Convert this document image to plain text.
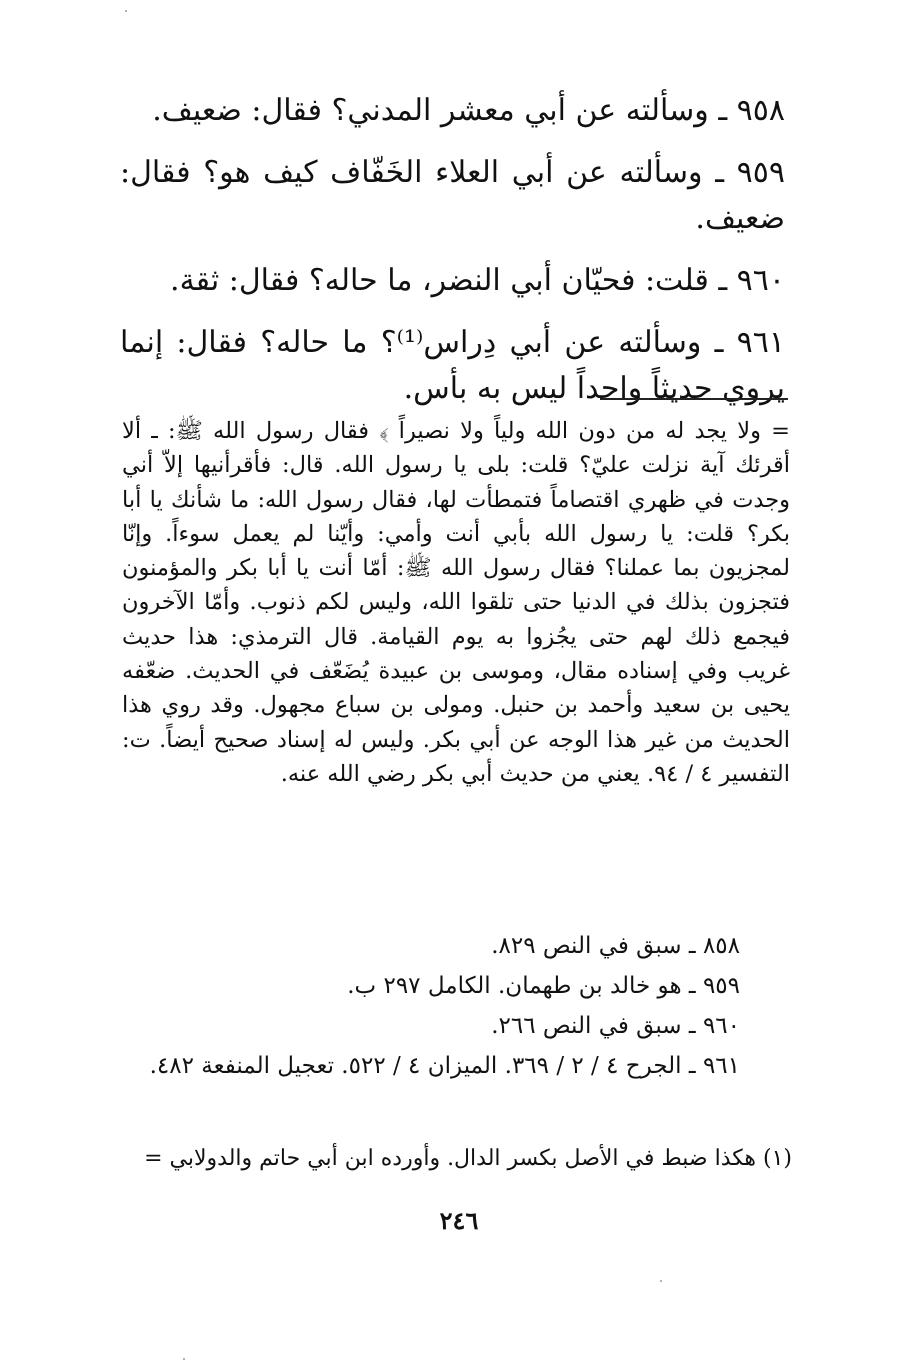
٩٥٨ ـ وسألته عن أبي معشر المدني؟ فقال: ضعيف.

٩٥٩ ـ وسألته عن أبي العلاء الخَفّاف كيف هو؟ فقال: ضعيف.

٩٦٠ ـ قلت: فحيّان أبي النضر، ما حاله؟ فقال: ثقة.

٩٦١ ـ وسألته عن أبي دِراس⁽¹⁾؟ ما حاله؟ فقال: إنما يروي حديثاً واحداً ليس به بأس.

= ولا يجد له من دون الله ولياً ولا نصيراً ﴾ فقال رسول الله ﷺ: ـ ألا أقرئك آية نزلت عليّ؟ قلت: بلى يا رسول الله. قال: فأقرأنيها إلاّ أني وجدت في ظهري اقتصاماً فتمطأت لها، فقال رسول الله: ما شأنك يا أبا بكر؟ قلت: يا رسول الله بأبي أنت وأمي: وأيّنا لم يعمل سوءاً. وإنّا لمجزيون بما عملنا؟ فقال رسول الله ﷺ: أمّا أنت يا أبا بكر والمؤمنون فتجزون بذلك في الدنيا حتى تلقوا الله، وليس لكم ذنوب. وأمّا الآخرون فيجمع ذلك لهم حتى يجُزوا به يوم القيامة. قال الترمذي: هذا حديث غريب وفي إسناده مقال، وموسى بن عبيدة يُضَعّف في الحديث. ضعّفه يحيى بن سعيد وأحمد بن حنبل. ومولى بن سباع مجهول. وقد روي هذا الحديث من غير هذا الوجه عن أبي بكر. وليس له إسناد صحيح أيضاً. ت: التفسير ٤ / ٩٤. يعني من حديث أبي بكر رضي الله عنه.

٨٥٨ ـ سبق في النص ٨٢٩.

٩٥٩ ـ هو خالد بن طهمان. الكامل ٢٩٧ ب.

٩٦٠ ـ سبق في النص ٢٦٦.

٩٦١ ـ الجرح ٤ / ٢ / ٣٦٩. الميزان ٤ / ٥٢٢. تعجيل المنفعة ٤٨٢.

(١) هكذا ضبط في الأصل بكسر الدال. وأورده ابن أبي حاتم والدولابي =
٢٤٦
